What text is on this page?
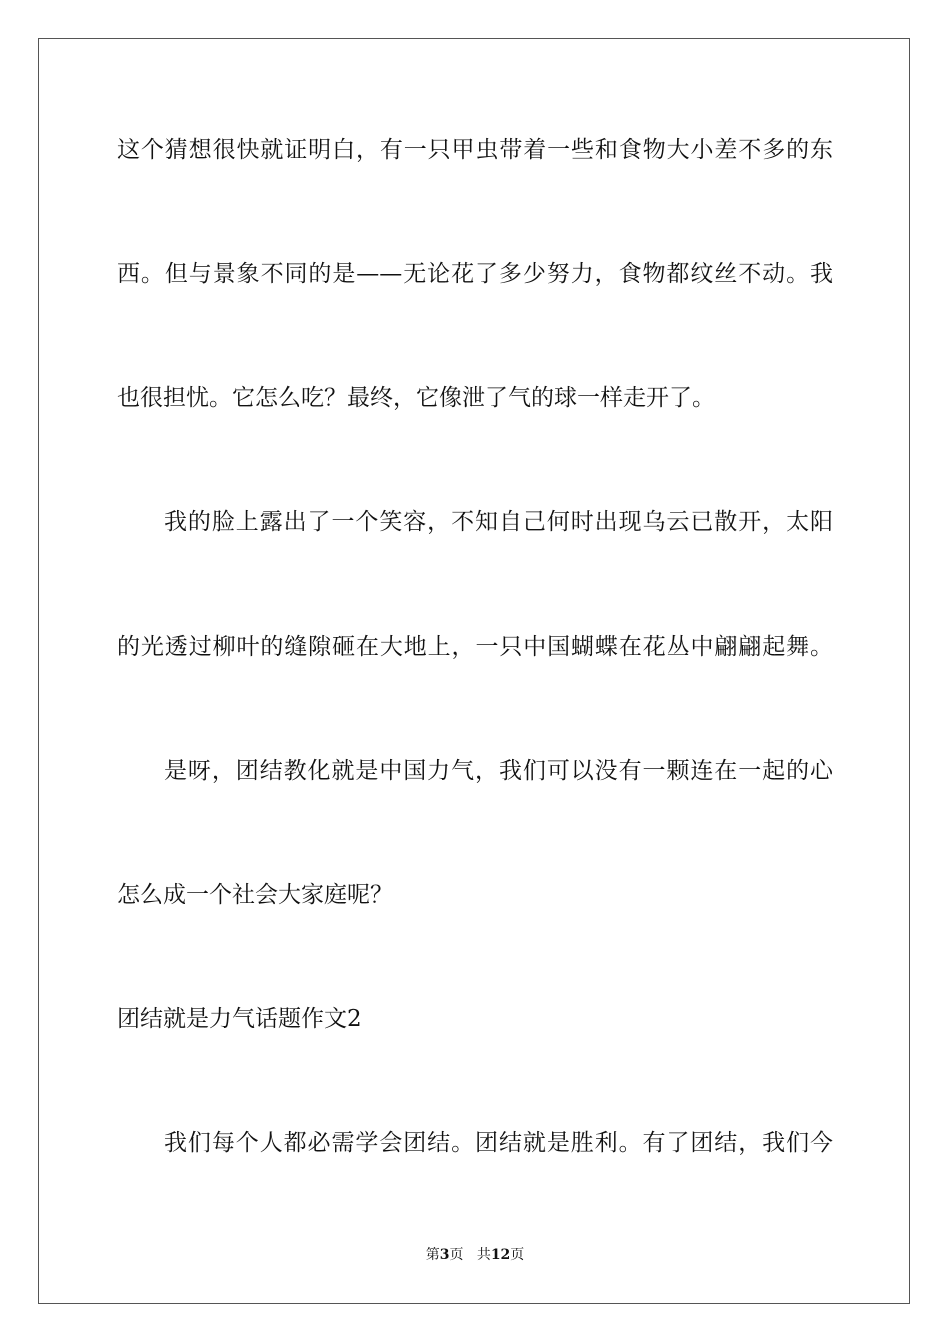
这个猜想很快就证明白，有一只甲虫带着一些和食物大小差不多的东
西。但与景象不同的是——无论花了多少努力，食物都纹丝不动。我
也很担忧。它怎么吃？最终，它像泄了气的球一样走开了。
我的脸上露出了一个笑容，不知自己何时出现乌云已散开，太阳
的光透过柳叶的缝隙砸在大地上，一只中国蝴蝶在花丛中翩翩起舞。
是呀，团结教化就是中国力气，我们可以没有一颗连在一起的心
怎么成一个社会大家庭呢？
团结就是力气话题作文2
我们每个人都必需学会团结。团结就是胜利。有了团结，我们今
第3页 共12页
